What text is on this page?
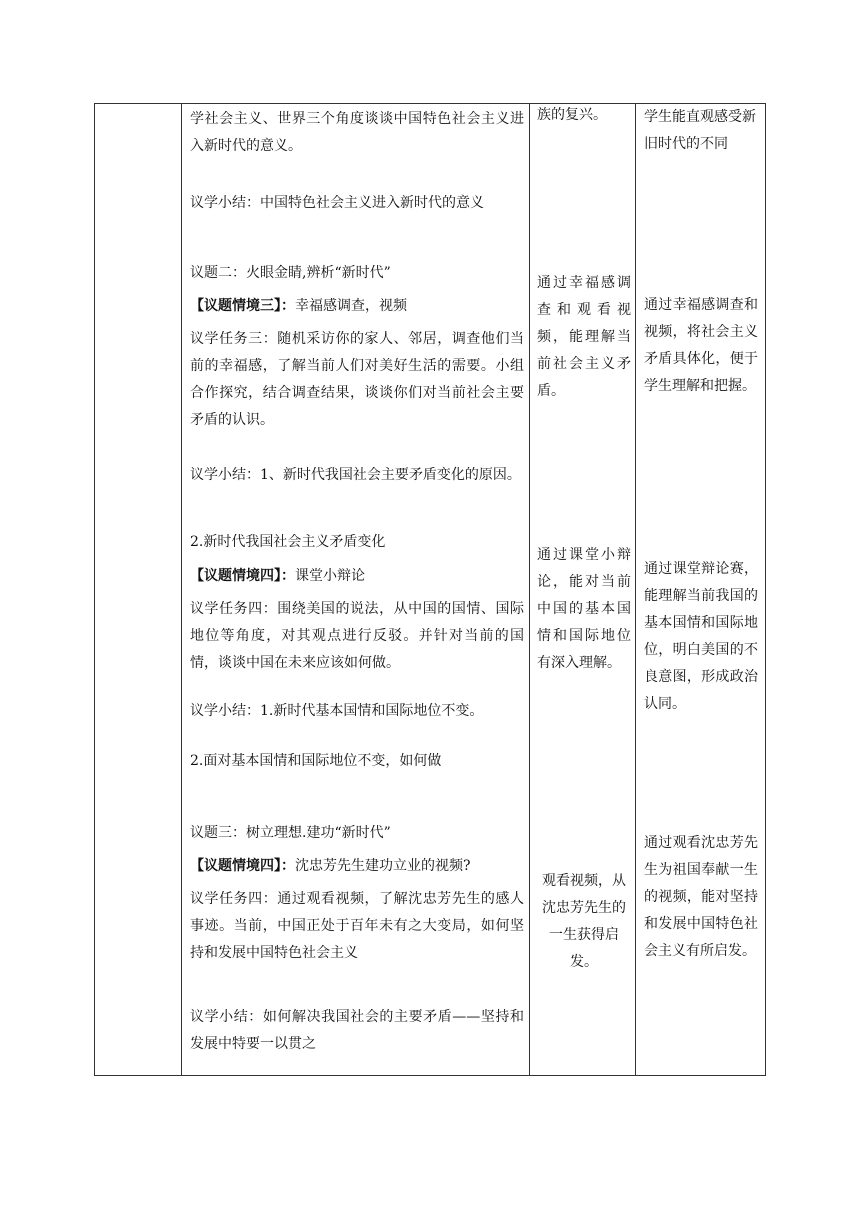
学社会主义、世界三个角度谈谈中国特色社会主义进入新时代的意义。

议学小结：中国特色社会主义进入新时代的意义

议题二：火眼金睛,辨析“新时代”

【议题情境三】：幸福感调查，视频

议学任务三：随机采访你的家人、邻居，调查他们当前的幸福感，了解当前人们对美好生活的需要。小组合作探究，结合调查结果，谈谈你们对当前社会主要矛盾的认识。

议学小结：1、新时代我国社会主要矛盾变化的原因。

2.新时代我国社会主义矛盾变化

【议题情境四】：课堂小辩论

议学任务四：围绕美国的说法，从中国的国情、国际地位等角度，对其观点进行反驳。并针对当前的国情，谈谈中国在未来应该如何做。

议学小结：1.新时代基本国情和国际地位不变。

2.面对基本国情和国际地位不变，如何做

议题三：树立理想.建功“新时代”

【议题情境四】：沈忠芳先生建功立业的视频?

议学任务四：通过观看视频，了解沈忠芳先生的感人事迹。当前，中国正处于百年未有之大变局，如何坚持和发展中国特色社会主义

议学小结：如何解决我国社会的主要矛盾——坚持和发展中特要一以贯之

族的复兴。

通过幸福感调查和观看视频，能理解当前社会主义矛盾。

通过课堂小辩论，能对当前中国的基本国情和国际地位有深入理解。

观看视频，从沈忠芳先生的一生获得启发。

学生能直观感受新旧时代的不同

通过幸福感调查和视频，将社会主义矛盾具体化，便于学生理解和把握。

通过课堂辩论赛，能理解当前我国的基本国情和国际地位，明白美国的不良意图，形成政治认同。

通过观看沈忠芳先生为祖国奉献一生的视频，能对坚持和发展中国特色社会主义有所启发。
